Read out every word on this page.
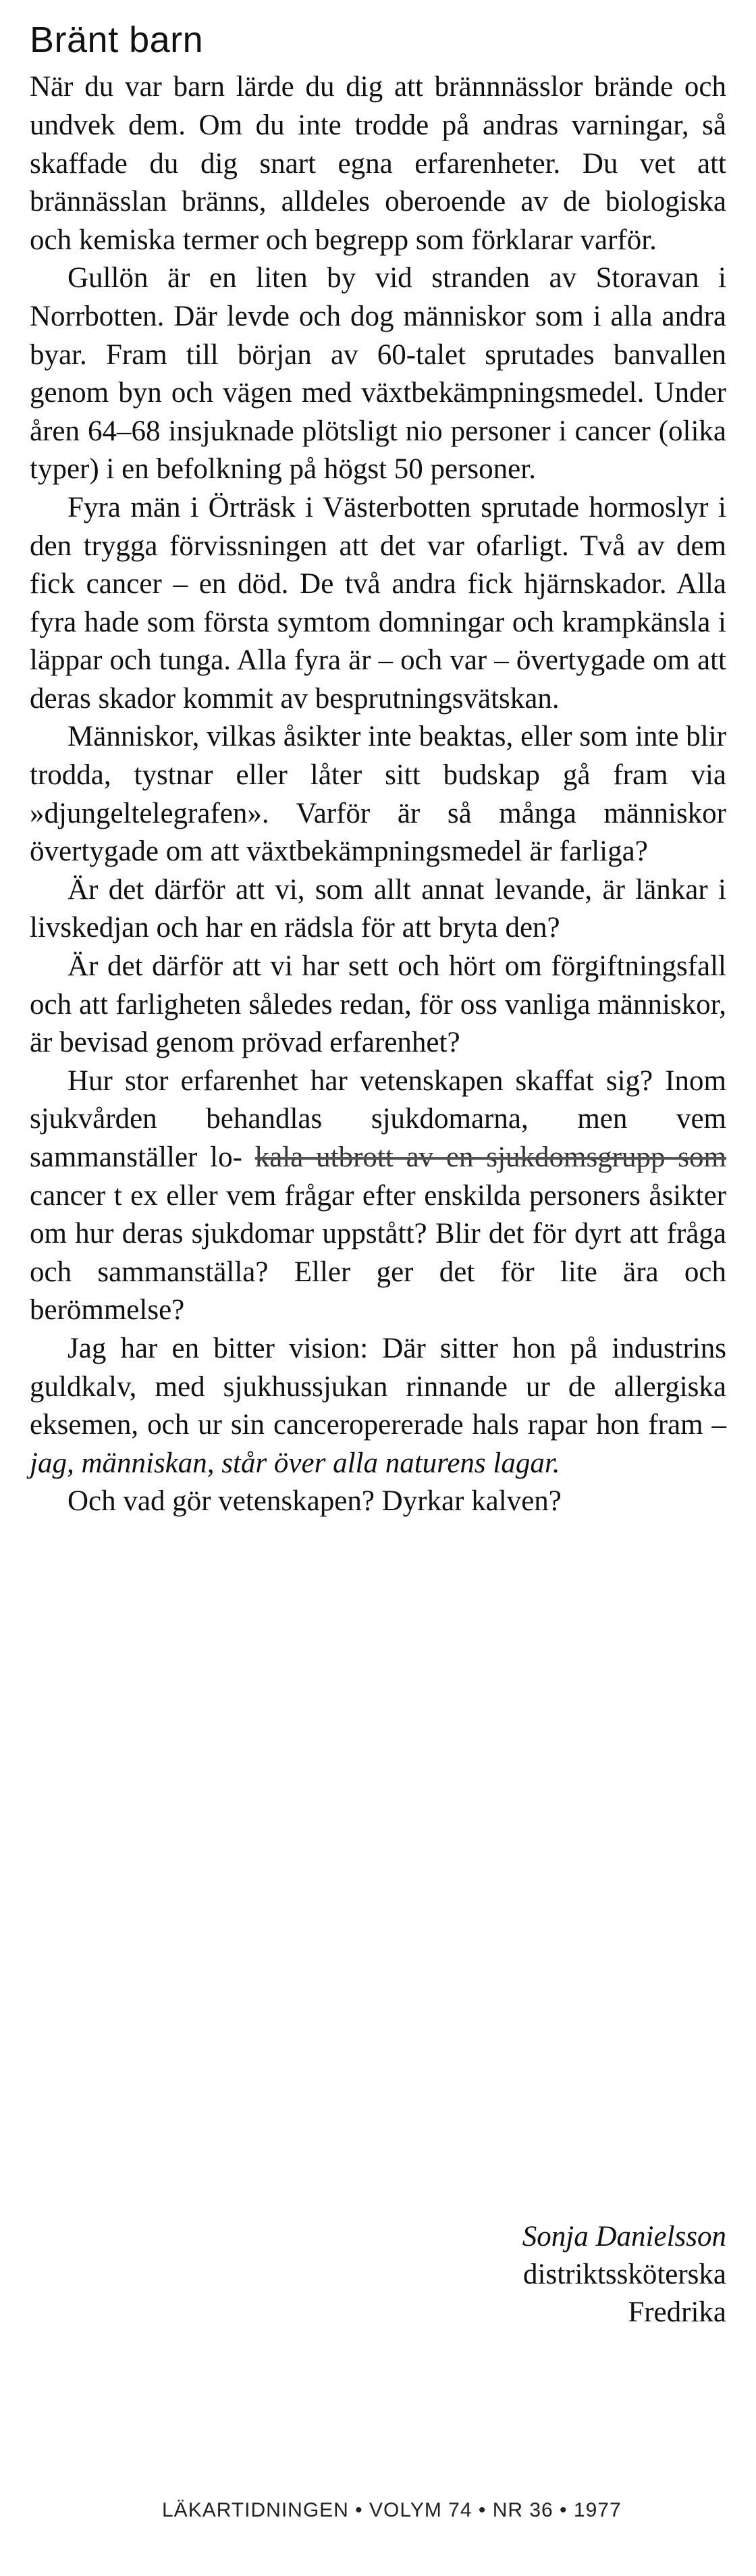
Bränt barn

När du var barn lärde du dig att brännnässlor brände och undvek dem. Om du inte trodde på andras varningar, så skaffade du dig snart egna erfarenheter. Du vet att brännässlan bränns, alldeles oberoende av de biologiska och kemiska termer och begrepp som förklarar varför.

Gullön är en liten by vid stranden av Storavan i Norrbotten. Där levde och dog människor som i alla andra byar. Fram till början av 60-talet sprutades banvallen genom byn och vägen med växtbekämpningsmedel. Under åren 64–68 insjuknade plötsligt nio personer i cancer (olika typer) i en befolkning på högst 50 personer.

Fyra män i Örträsk i Västerbotten sprutade hormoslyr i den trygga förvissningen att det var ofarligt. Två av dem fick cancer – en död. De två andra fick hjärnskador. Alla fyra hade som första symtom domningar och krampkänsla i läppar och tunga. Alla fyra är – och var – övertygade om att deras skador kommit av besprutningsvätskan.

Människor, vilkas åsikter inte beaktas, eller som inte blir trodda, tystnar eller låter sitt budskap gå fram via »djungeltelegrafen». Varför är så många människor övertygade om att växtbekämpningsmedel är farliga?

Är det därför att vi, som allt annat levande, är länkar i livskedjan och har en rädsla för att bryta den?

Är det därför att vi har sett och hört om förgiftningsfall och att farligheten således redan, för oss vanliga människor, är bevisad genom prövad erfarenhet?

Hur stor erfarenhet har vetenskapen skaffat sig? Inom sjukvården behandlas sjukdomarna, men vem sammanställer lo- kala utbrott av en sjukdomsgrupp som cancer t ex eller vem frågar efter enskilda personers åsikter om hur deras sjukdomar uppstått? Blir det för dyrt att fråga och sammanställa? Eller ger det för lite ära och berömmelse?

Jag har en bitter vision: Där sitter hon på industrins guldkalv, med sjukhussjukan rinnande ur de allergiska eksemen, och ur sin canceropererade hals rapar hon fram – jag, människan, står över alla naturens lagar.

Och vad gör vetenskapen? Dyrkar kalven?

Sonja Danielsson
distriktssköterska
Fredrika
LÄKARTIDNINGEN • VOLYM 74 • NR 36 • 1977
